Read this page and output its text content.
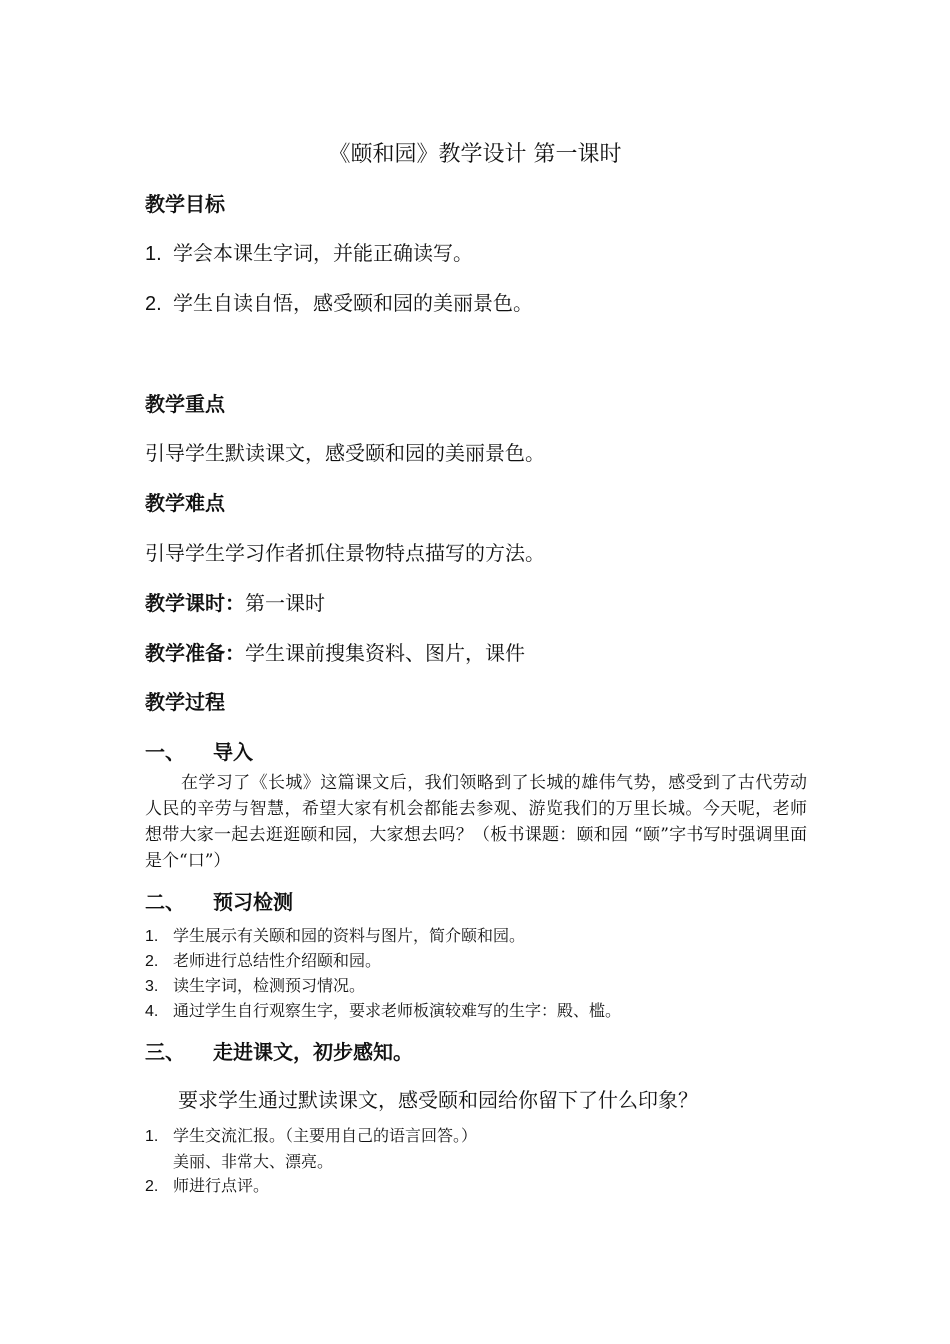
《颐和园》教学设计 第一课时
教学目标
1. 学会本课生字词，并能正确读写。
2. 学生自读自悟，感受颐和园的美丽景色。
教学重点
引导学生默读课文，感受颐和园的美丽景色。
教学难点
引导学生学习作者抓住景物特点描写的方法。
教学课时：第一课时
教学准备：学生课前搜集资料、图片，课件
教学过程
一、 导入
在学习了《长城》这篇课文后，我们领略到了长城的雄伟气势，感受到了古代劳动人民的辛劳与智慧，希望大家有机会都能去参观、游览我们的万里长城。今天呢，老师想带大家一起去逛逛颐和园，大家想去吗？（板书课题：颐和园 “颐”字书写时强调里面是个“口”）
二、 预习检测
1. 学生展示有关颐和园的资料与图片，简介颐和园。
2. 老师进行总结性介绍颐和园。
3. 读生字词，检测预习情况。
4. 通过学生自行观察生字，要求老师板演较难写的生字：殿、槛。
三、 走进课文，初步感知。
要求学生通过默读课文，感受颐和园给你留下了什么印象？
1. 学生交流汇报。（主要用自己的语言回答。）
美丽、非常大、漂亮。
2. 师进行点评。
